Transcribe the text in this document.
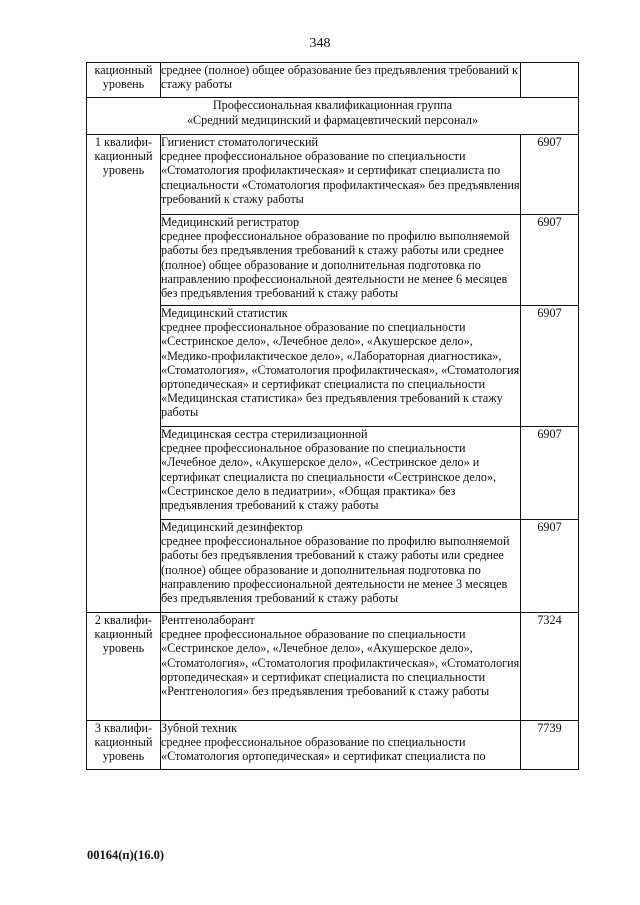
348
кационный уровень	среднее (полное) общее образование без предъявления требований к стажу работы	

Профессиональная квалификационная группа
«Средний медицинский и фармацевтический персонал»		

1 квалифи-кационный уровень	Гигиенист стоматологический
среднее профессиональное образование по специальности «Стоматология профилактическая» и сертификат специалиста по специальности «Стоматология профилактическая» без предъявления требований к стажу работы	6907

	Медицинский регистратор
среднее профессиональное образование по профилю выполняемой работы без предъявления требований к стажу работы или среднее (полное) общее образование и дополнительная подготовка по направлению профессиональной деятельности не менее 6 месяцев без предъявления требований к стажу работы	6907

	Медицинский статистик
среднее профессиональное образование по специальности «Сестринское дело», «Лечебное дело», «Акушерское дело», «Медико-профилактическое дело», «Лабораторная диагностика», «Стоматология», «Стоматология профилактическая», «Стоматология ортопедическая» и сертификат специалиста по специальности «Медицинская статистика» без предъявления требований к стажу работы	6907

	Медицинская сестра стерилизационной
среднее профессиональное образование по специальности «Лечебное дело», «Акушерское дело», «Сестринское дело» и сертификат специалиста по специальности «Сестринское дело», «Сестринское дело в педиатрии», «Общая практика» без предъявления требований к стажу работы	6907

	Медицинский дезинфектор
среднее профессиональное образование по профилю выполняемой работы без предъявления требований к стажу работы или среднее (полное) общее образование и дополнительная подготовка по направлению профессиональной деятельности не менее 3 месяцев без предъявления требований к стажу работы	6907
2 квалифи-кационный уровень	Рентгенолаборант
среднее профессиональное образование по специальности «Сестринское дело», «Лечебное дело», «Акушерское дело», «Стоматология», «Стоматология профилактическая», «Стоматология ортопедическая» и сертификат специалиста по специальности «Рентгенология» без предъявления требований к стажу работы	7324
3 квалифи-кационный уровень	Зубной техник
среднее профессиональное образование по специальности «Стоматология ортопедическая» и сертификат специалиста по	7739
00164(п)(16.0)
